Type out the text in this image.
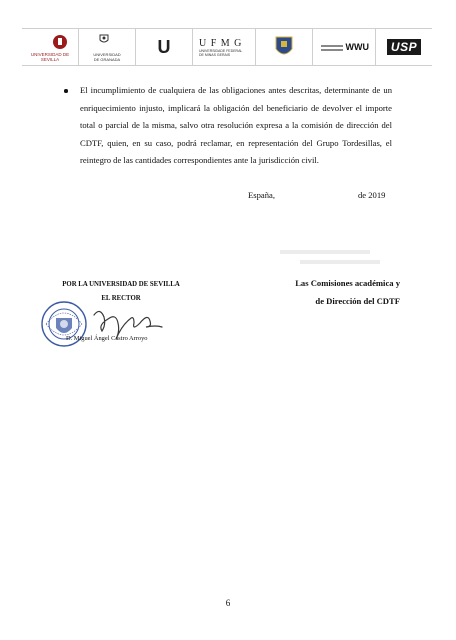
UNIVERSIDAD DE SEVILLA
UNIVERSIDAD
DE GRANADA
U	U F M G
UNIVERSIDADE FEDERAL DE MINAS GERAIS
WWU	USP
El incumplimiento de cualquiera de las obligaciones antes descritas, determinante de un enriquecimiento injusto, implicará la obligación del beneficiario de devolver el importe total o parcial de la misma, salvo otra resolución expresa a la comisión de dirección del CDTF, quien, en su caso, podrá reclamar, en representación del Grupo Tordesillas, el reintegro de las cantidades correspondientes ante la jurisdicción civil.
España,	de 2019
POR LA UNIVERSIDAD DE SEVILLA
EL RECTOR
D. Miguel Ángel Castro Arroyo
Las Comisiones académica y
de Dirección del CDTF
6
